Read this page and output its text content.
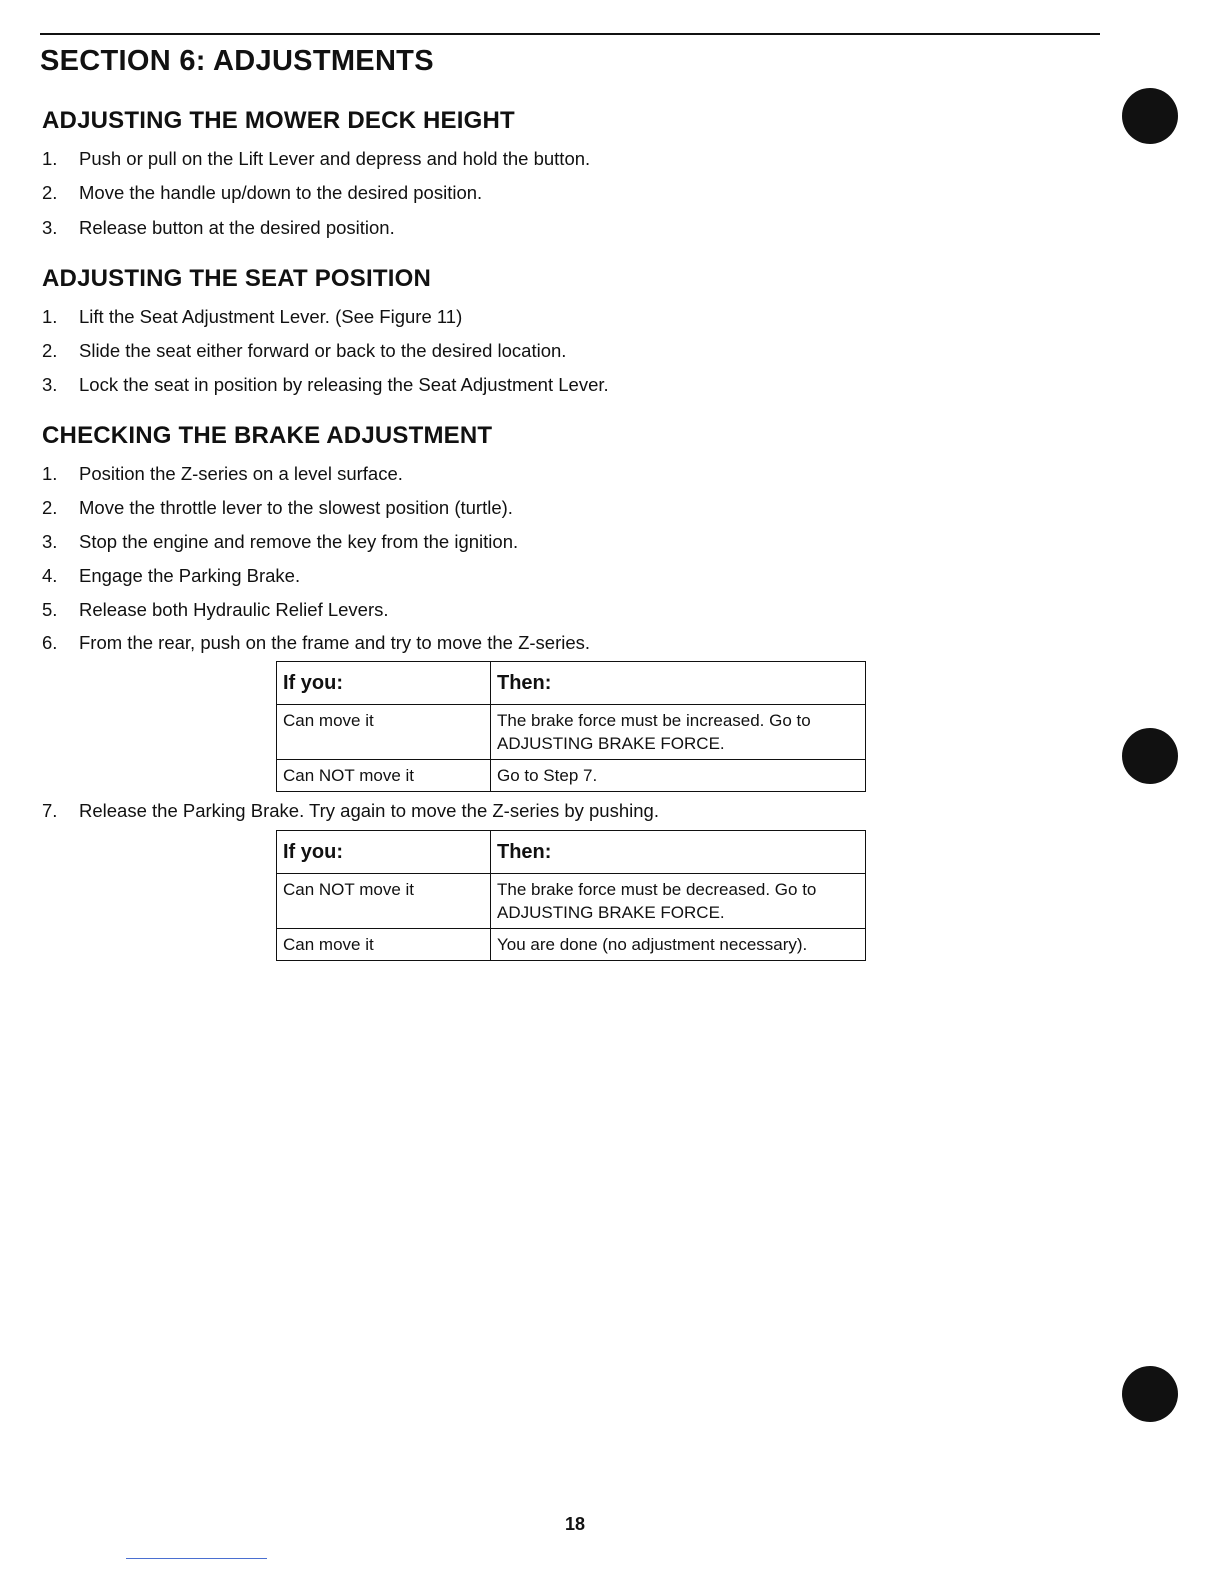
SECTION 6: ADJUSTMENTS
ADJUSTING THE MOWER DECK HEIGHT
1. Push or pull on the Lift Lever and depress and hold the button.
2. Move the handle up/down to the desired position.
3. Release button at the desired position.
ADJUSTING THE SEAT POSITION
1. Lift the Seat Adjustment Lever. (See Figure 11)
2. Slide the seat either forward or back to the desired location.
3. Lock the seat in position by releasing the Seat Adjustment Lever.
CHECKING THE BRAKE ADJUSTMENT
1. Position the Z-series on a level surface.
2. Move the throttle lever to the slowest position (turtle).
3. Stop the engine and remove the key from the ignition.
4. Engage the Parking Brake.
5. Release both Hydraulic Relief Levers.
6. From the rear, push on the frame and try to move the Z-series.
If you:	Then:
Can move it	The brake force must be increased. Go to ADJUSTING BRAKE FORCE.
Can NOT move it	Go to Step 7.
7. Release the Parking Brake. Try again to move the Z-series by pushing.
If you:	Then:
Can NOT move it	The brake force must be decreased. Go to ADJUSTING BRAKE FORCE.
Can move it	You are done (no adjustment necessary).
18
